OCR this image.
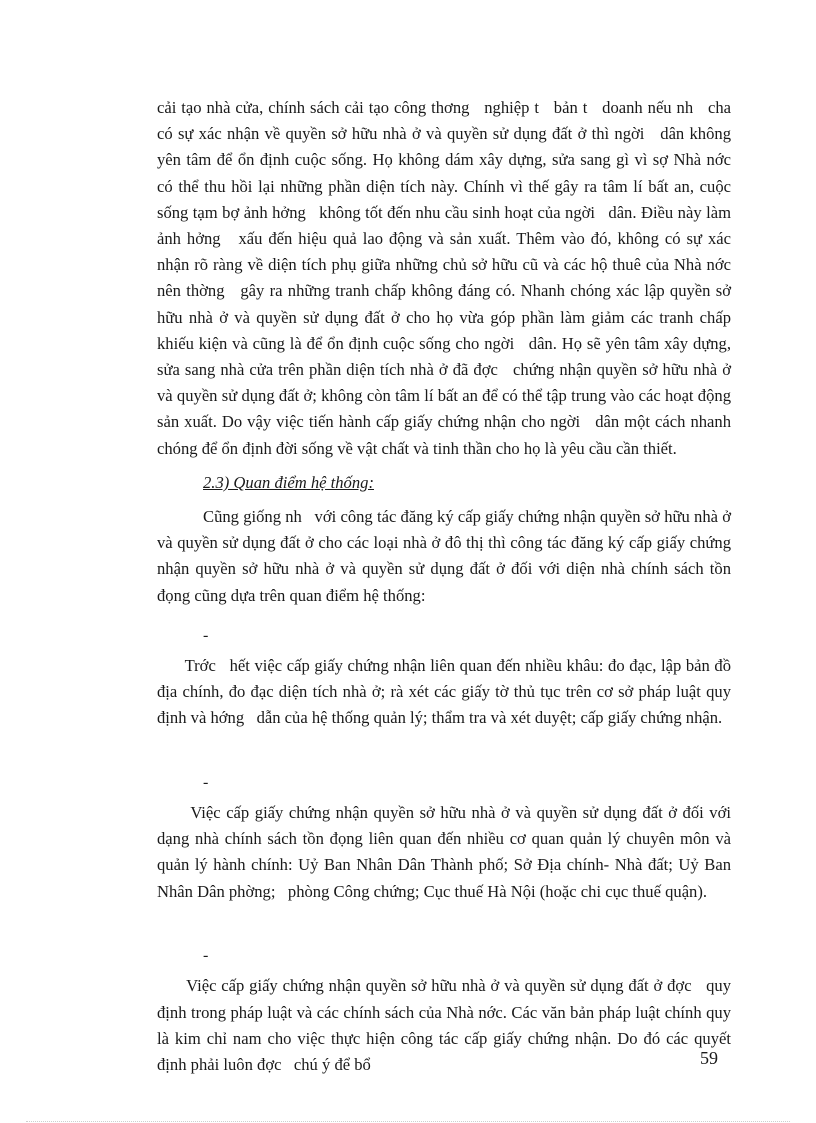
cải tạo nhà cửa, chính sách cải tạo công thơng   nghiệp t   bản t   doanh nếu nh   cha   có sự xác nhận về quyền sở hữu nhà ở và quyền sử dụng đất ở thì ngời   dân không yên tâm để ổn định cuộc sống. Họ không dám xây dựng, sửa sang gì vì sợ Nhà nớc   có thể thu hồi lại những phần diện tích này. Chính vì thế gây ra tâm lí bất an, cuộc sống tạm bợ ảnh hởng   không tốt đến nhu cầu sinh hoạt của ngời   dân. Điều này làm ảnh hởng   xấu đến hiệu quả lao động và sản xuất. Thêm vào đó, không có sự xác nhận rõ ràng về diện tích phụ giữa những chủ sở hữu cũ và các hộ thuê của Nhà nớc nên thờng   gây ra những tranh chấp không đáng có. Nhanh chóng xác lập quyền sở hữu nhà ở và quyền sử dụng đất ở cho họ vừa góp phần làm giảm các tranh chấp khiếu kiện và cũng là để ổn định cuộc sống cho ngời   dân. Họ sẽ yên tâm xây dựng, sửa sang nhà cửa trên phần diện tích nhà ở đã đợc   chứng nhận quyền sở hữu nhà ở và quyền sử dụng đất ở; không còn tâm lí bất an để có thể tập trung vào các hoạt động sản xuất. Do vậy việc tiến hành cấp giấy chứng nhận cho ngời   dân một cách nhanh chóng để ổn định đời sống về vật chất và tinh thần cho họ là yêu cầu cần thiết.

2.3) Quan điểm hệ thống:

Cũng giống nh   với công tác đăng ký cấp giấy chứng nhận quyền sở hữu nhà ở và quyền sử dụng đất ở cho các loại nhà ở đô thị thì công tác đăng ký cấp giấy chứng nhận quyền sở hữu nhà ở và quyền sử dụng đất ở đối với diện nhà chính sách tồn đọng cũng dựa trên quan điểm hệ thống:

-
Trớc   hết việc cấp giấy chứng nhận liên quan đến nhiều khâu: đo đạc, lập bản đồ địa chính, đo đạc diện tích nhà ở; rà xét các giấy tờ thủ tục trên cơ sở pháp luật quy định và hớng   dẫn của hệ thống quản lý; thẩm tra và xét duyệt; cấp giấy chứng nhận.

-
Việc cấp giấy chứng nhận quyền sở hữu nhà ở và quyền sử dụng đất ở đối với dạng nhà chính sách tồn đọng liên quan đến nhiều cơ quan quản lý chuyên môn và quản lý hành chính: Uỷ Ban Nhân Dân Thành phố; Sở Địa chính- Nhà đất; Uỷ Ban Nhân Dân phờng;   phòng Công chứng; Cục thuế Hà Nội (hoặc chi cục thuế quận).

-
Việc cấp giấy chứng nhận quyền sở hữu nhà ở và quyền sử dụng đất ở đợc   quy định trong pháp luật và các chính sách của Nhà nớc. Các văn bản pháp luật chính quy là kim chỉ nam cho việc thực hiện công tác cấp giấy chứng nhận. Do đó các quyết định phải luôn đợc   chú ý để bổ
	59
